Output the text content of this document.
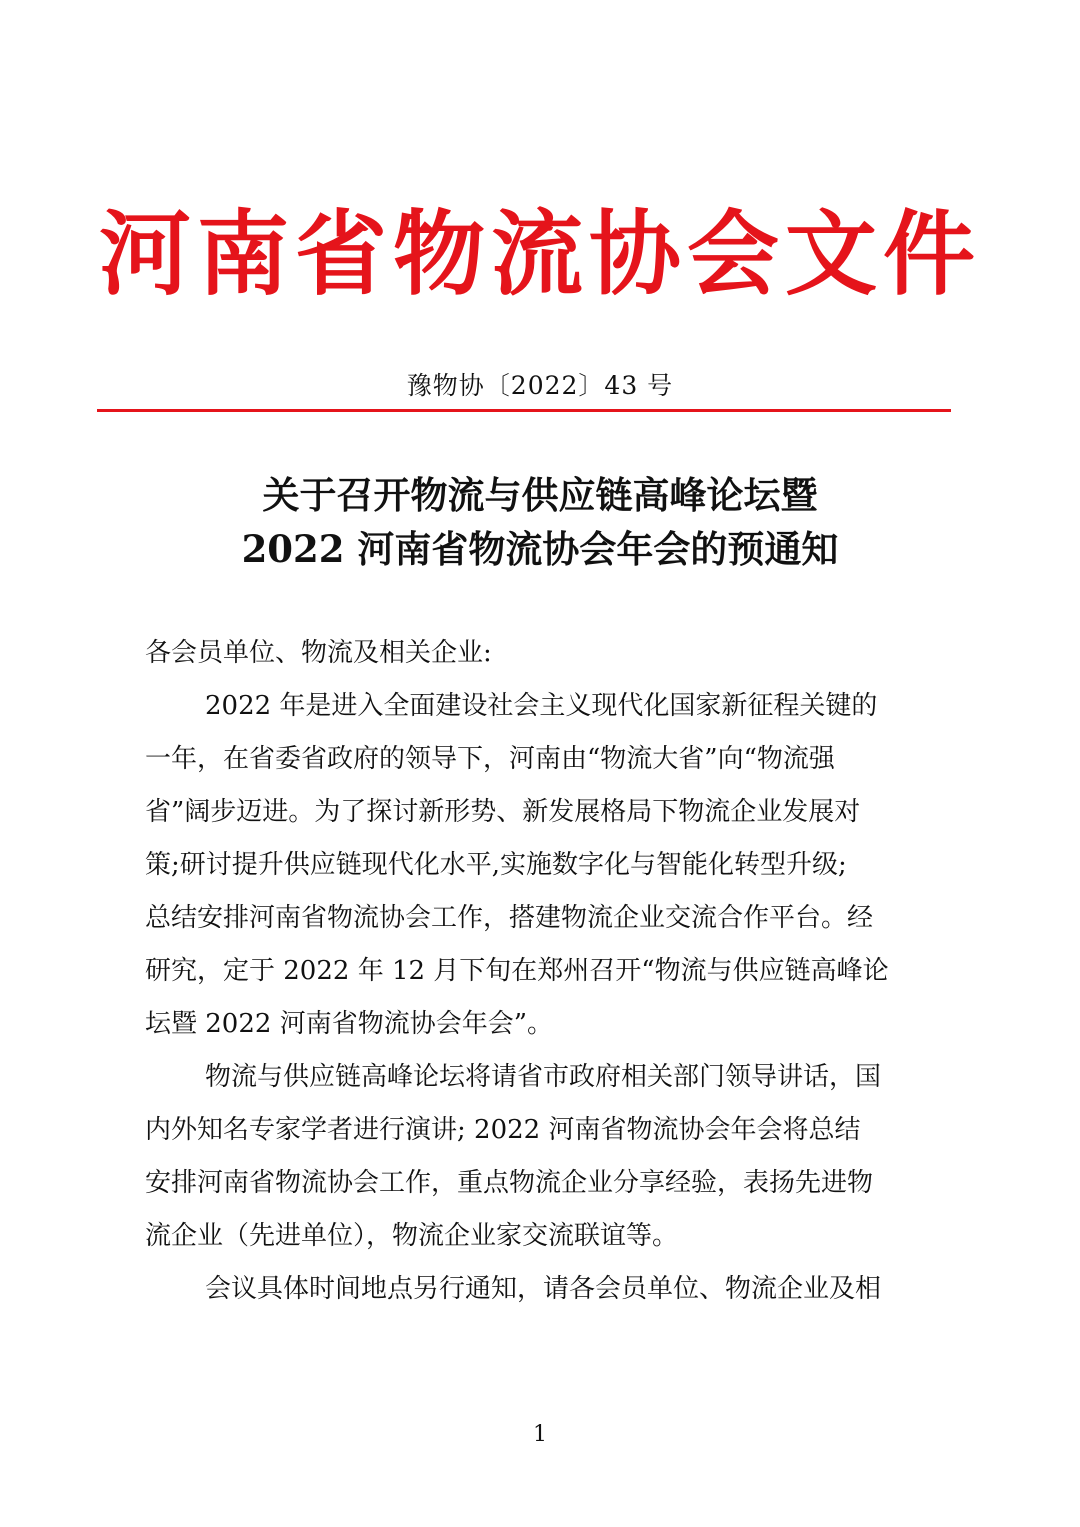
河南省物流协会文件
豫物协〔2022〕43 号
关于召开物流与供应链高峰论坛暨
2022 河南省物流协会年会的预通知
各会员单位、物流及相关企业:
2022 年是进入全面建设社会主义现代化国家新征程关键的
一年，在省委省政府的领导下，河南由“物流大省”向“物流强
省”阔步迈进。为了探讨新形势、新发展格局下物流企业发展对
策;研讨提升供应链现代化水平,实施数字化与智能化转型升级;
总结安排河南省物流协会工作，搭建物流企业交流合作平台。经
研究，定于 2022 年 12 月下旬在郑州召开“物流与供应链高峰论
坛暨 2022 河南省物流协会年会”。
物流与供应链高峰论坛将请省市政府相关部门领导讲话，国
内外知名专家学者进行演讲; 2022 河南省物流协会年会将总结
安排河南省物流协会工作，重点物流企业分享经验，表扬先进物
流企业（先进单位），物流企业家交流联谊等。
会议具体时间地点另行通知，请各会员单位、物流企业及相
1
